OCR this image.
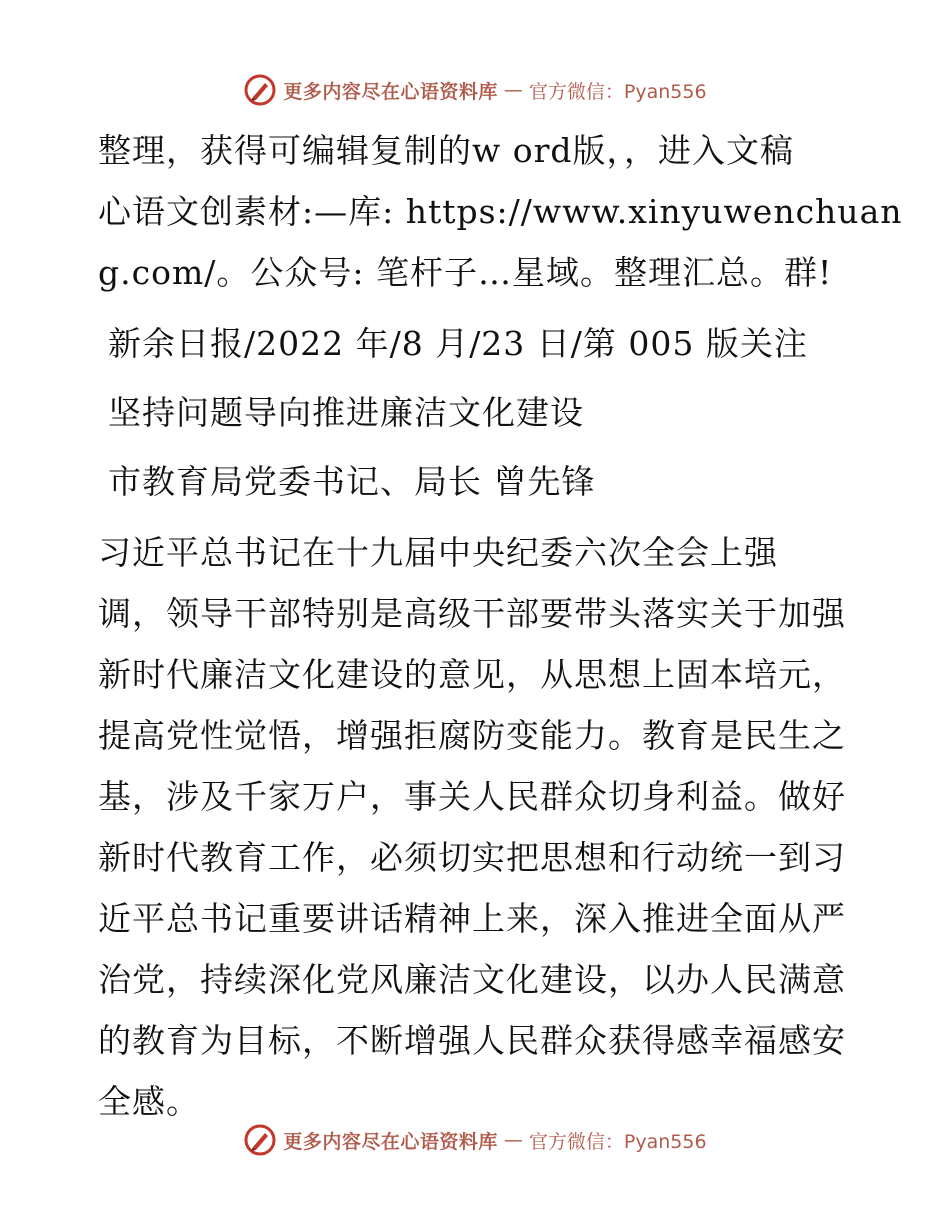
更多内容尽在心语资料库 — 官方微信：Pyan556
整理，获得可编辑复制的w ord版，，进入文稿
心语文创素材:—库: https://www.xinyuwenchuan
g.com/。公众号: 笔杆子…星域。整理汇总。群!
新余日报/2022 年/8 月/23 日/第 005 版关注
坚持问题导向推进廉洁文化建设
市教育局党委书记、局长 曾先锋
习近平总书记在十九届中央纪委六次全会上强
调，领导干部特别是高级干部要带头落实关于加强
新时代廉洁文化建设的意见，从思想上固本培元，
提高党性觉悟，增强拒腐防变能力。教育是民生之
基，涉及千家万户，事关人民群众切身利益。做好
新时代教育工作，必须切实把思想和行动统一到习
近平总书记重要讲话精神上来，深入推进全面从严
治党，持续深化党风廉洁文化建设，以办人民满意
的教育为目标，不断增强人民群众获得感幸福感安
全感。
更多内容尽在心语资料库 — 官方微信：Pyan556
